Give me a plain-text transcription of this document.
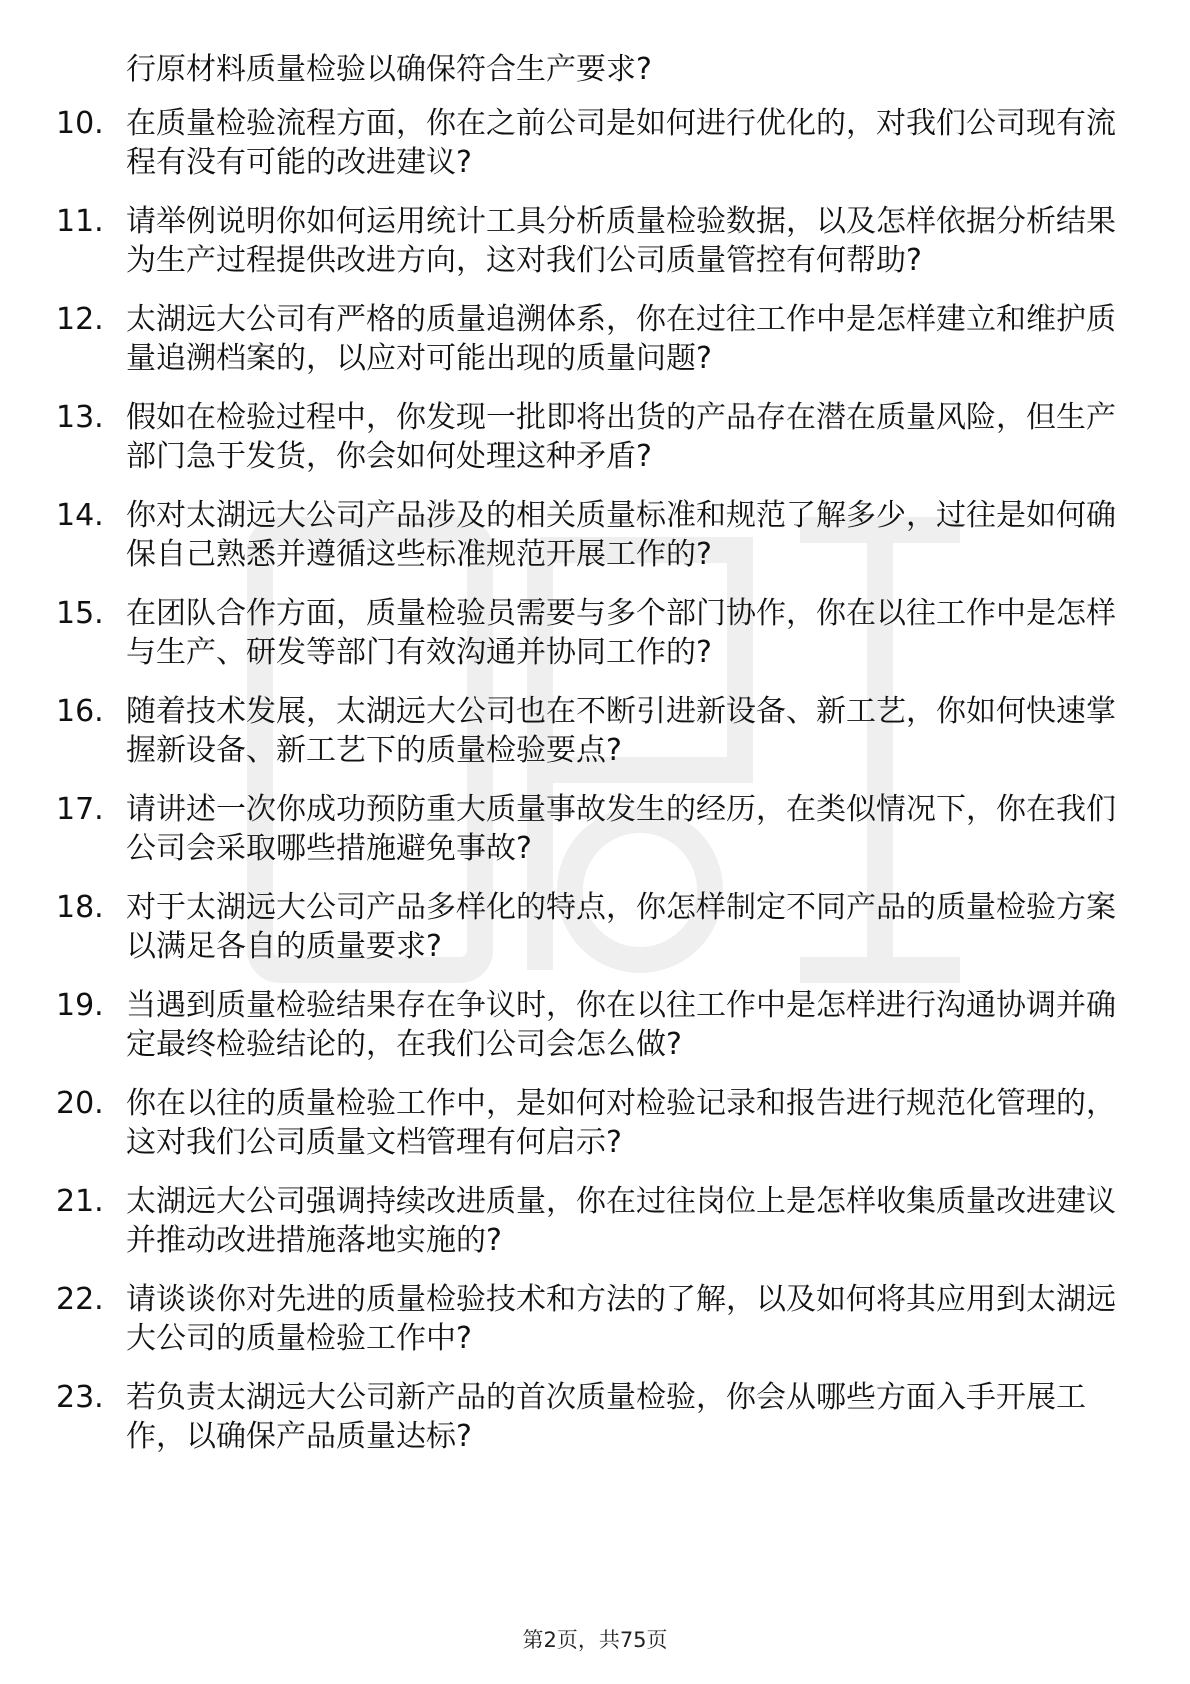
行原材料质量检验以确保符合生产要求?
10. 在质量检验流程方面，你在之前公司是如何进行优化的，对我们公司现有流程有没有可能的改进建议?
11. 请举例说明你如何运用统计工具分析质量检验数据，以及怎样依据分析结果为生产过程提供改进方向，这对我们公司质量管控有何帮助?
12. 太湖远大公司有严格的质量追溯体系，你在过往工作中是怎样建立和维护质量追溯档案的，以应对可能出现的质量问题?
13. 假如在检验过程中，你发现一批即将出货的产品存在潜在质量风险，但生产部门急于发货，你会如何处理这种矛盾?
14. 你对太湖远大公司产品涉及的相关质量标准和规范了解多少，过往是如何确保自己熟悉并遵循这些标准规范开展工作的?
15. 在团队合作方面，质量检验员需要与多个部门协作，你在以往工作中是怎样与生产、研发等部门有效沟通并协同工作的?
16. 随着技术发展，太湖远大公司也在不断引进新设备、新工艺，你如何快速掌握新设备、新工艺下的质量检验要点?
17. 请讲述一次你成功预防重大质量事故发生的经历，在类似情况下，你在我们公司会采取哪些措施避免事故?
18. 对于太湖远大公司产品多样化的特点，你怎样制定不同产品的质量检验方案以满足各自的质量要求?
19. 当遇到质量检验结果存在争议时，你在以往工作中是怎样进行沟通协调并确定最终检验结论的，在我们公司会怎么做?
20. 你在以往的质量检验工作中，是如何对检验记录和报告进行规范化管理的，这对我们公司质量文档管理有何启示?
21. 太湖远大公司强调持续改进质量，你在过往岗位上是怎样收集质量改进建议并推动改进措施落地实施的?
22. 请谈谈你对先进的质量检验技术和方法的了解，以及如何将其应用到太湖远大公司的质量检验工作中?
23. 若负责太湖远大公司新产品的首次质量检验，你会从哪些方面入手开展工作，以确保产品质量达标?
第2页，共75页
